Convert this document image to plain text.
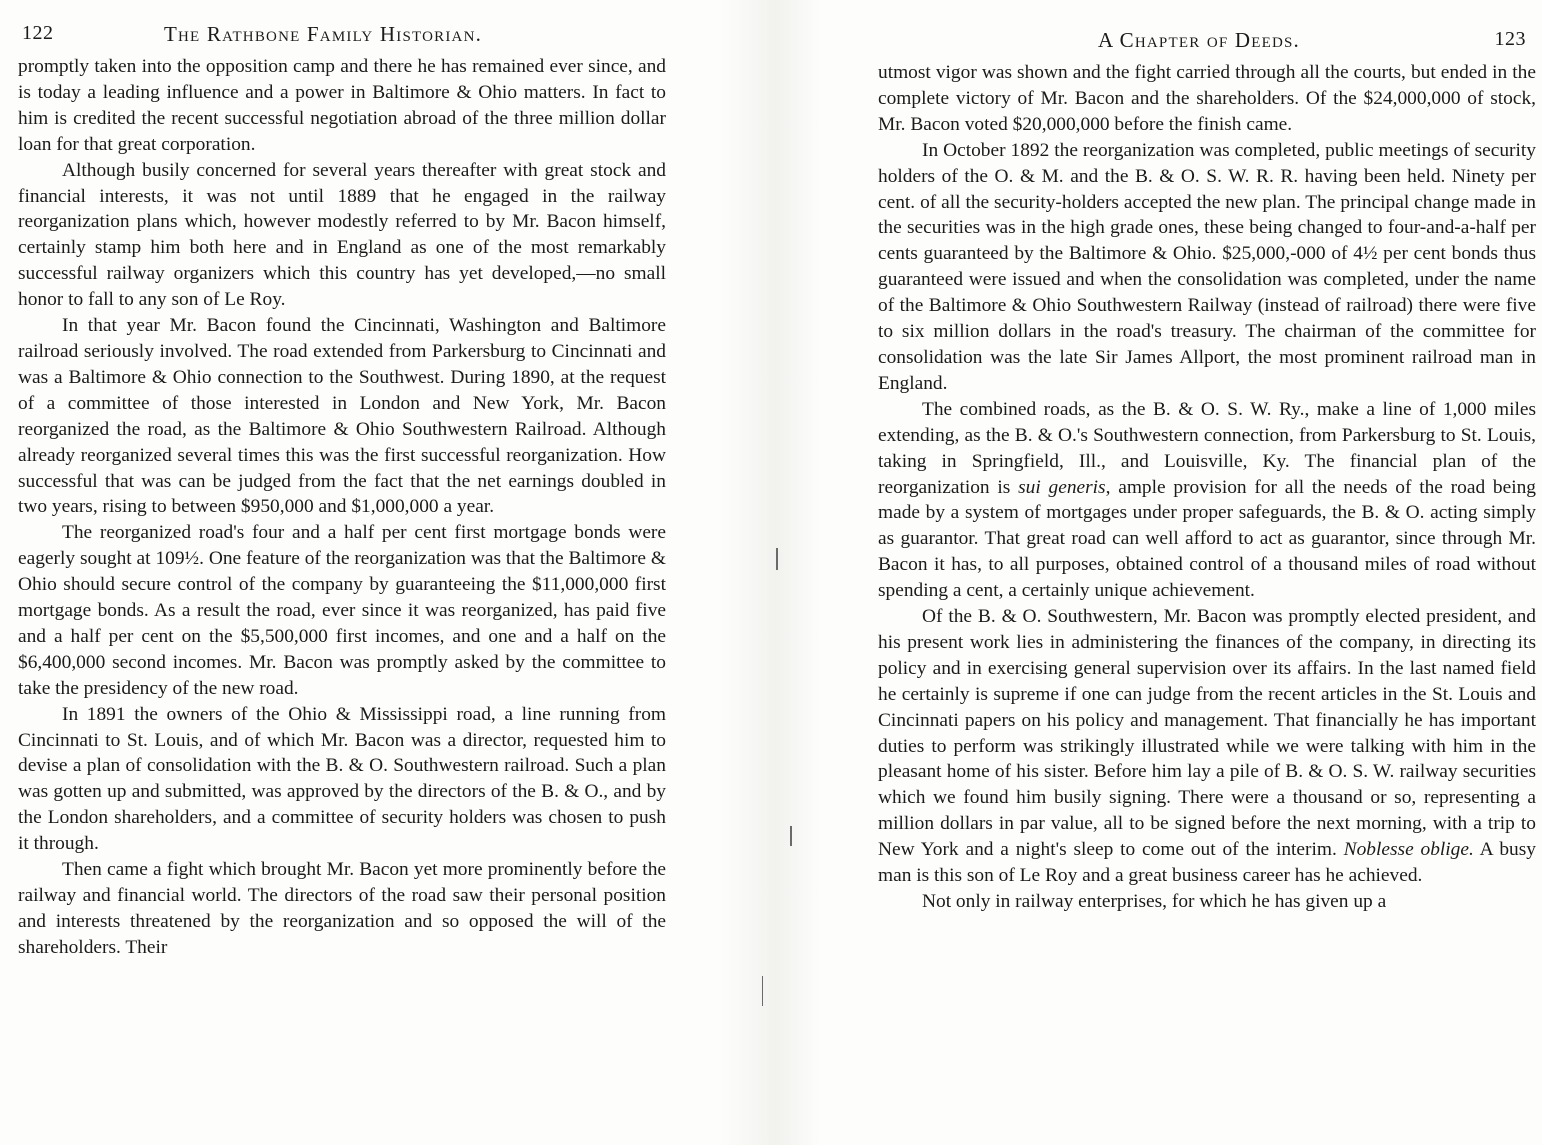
122	The Rathbone Family Historian.

promptly taken into the opposition camp and there he has remained ever since, and is today a leading influence and a power in Baltimore & Ohio matters. In fact to him is credited the recent successful negotiation abroad of the three million dollar loan for that great corporation.

Although busily concerned for several years thereafter with great stock and financial interests, it was not until 1889 that he engaged in the railway reorganization plans which, however modestly referred to by Mr. Bacon himself, certainly stamp him both here and in England as one of the most remarkably successful railway organizers which this country has yet developed,—no small honor to fall to any son of Le Roy.

In that year Mr. Bacon found the Cincinnati, Washington and Baltimore railroad seriously involved. The road extended from Parkersburg to Cincinnati and was a Baltimore & Ohio connection to the Southwest. During 1890, at the request of a committee of those interested in London and New York, Mr. Bacon reorganized the road, as the Baltimore & Ohio Southwestern Railroad. Although already reorganized several times this was the first successful reorganization. How successful that was can be judged from the fact that the net earnings doubled in two years, rising to between $950,000 and $1,000,000 a year.

The reorganized road's four and a half per cent first mortgage bonds were eagerly sought at 109½. One feature of the reorganization was that the Baltimore & Ohio should secure control of the company by guaranteeing the $11,000,000 first mortgage bonds. As a result the road, ever since it was reorganized, has paid five and a half per cent on the $5,500,000 first incomes, and one and a half on the $6,400,000 second incomes. Mr. Bacon was promptly asked by the committee to take the presidency of the new road.

In 1891 the owners of the Ohio & Mississippi road, a line running from Cincinnati to St. Louis, and of which Mr. Bacon was a director, requested him to devise a plan of consolidation with the B. & O. Southwestern railroad. Such a plan was gotten up and submitted, was approved by the directors of the B. & O., and by the London shareholders, and a committee of security holders was chosen to push it through.

Then came a fight which brought Mr. Bacon yet more prominently before the railway and financial world. The directors of the road saw their personal position and interests threatened by the reorganization and so opposed the will of the shareholders. Their

A Chapter of Deeds.	123

utmost vigor was shown and the fight carried through all the courts, but ended in the complete victory of Mr. Bacon and the shareholders. Of the $24,000,000 of stock, Mr. Bacon voted $20,000,000 before the finish came.

In October 1892 the reorganization was completed, public meetings of security holders of the O. & M. and the B. & O. S. W. R. R. having been held. Ninety per cent. of all the security-holders accepted the new plan. The principal change made in the securities was in the high grade ones, these being changed to four-and-a-half per cents guaranteed by the Baltimore & Ohio. $25,000,-000 of 4½ per cent bonds thus guaranteed were issued and when the consolidation was completed, under the name of the Baltimore & Ohio Southwestern Railway (instead of railroad) there were five to six million dollars in the road's treasury. The chairman of the committee for consolidation was the late Sir James Allport, the most prominent railroad man in England.

The combined roads, as the B. & O. S. W. Ry., make a line of 1,000 miles extending, as the B. & O.'s Southwestern connection, from Parkersburg to St. Louis, taking in Springfield, Ill., and Louisville, Ky. The financial plan of the reorganization is sui generis, ample provision for all the needs of the road being made by a system of mortgages under proper safeguards, the B. & O. acting simply as guarantor. That great road can well afford to act as guarantor, since through Mr. Bacon it has, to all purposes, obtained control of a thousand miles of road without spending a cent, a certainly unique achievement.

Of the B. & O. Southwestern, Mr. Bacon was promptly elected president, and his present work lies in administering the finances of the company, in directing its policy and in exercising general supervision over its affairs. In the last named field he certainly is supreme if one can judge from the recent articles in the St. Louis and Cincinnati papers on his policy and management. That financially he has important duties to perform was strikingly illustrated while we were talking with him in the pleasant home of his sister. Before him lay a pile of B. & O. S. W. railway securities which we found him busily signing. There were a thousand or so, representing a million dollars in par value, all to be signed before the next morning, with a trip to New York and a night's sleep to come out of the interim. Noblesse oblige. A busy man is this son of Le Roy and a great business career has he achieved.

Not only in railway enterprises, for which he has given up a
